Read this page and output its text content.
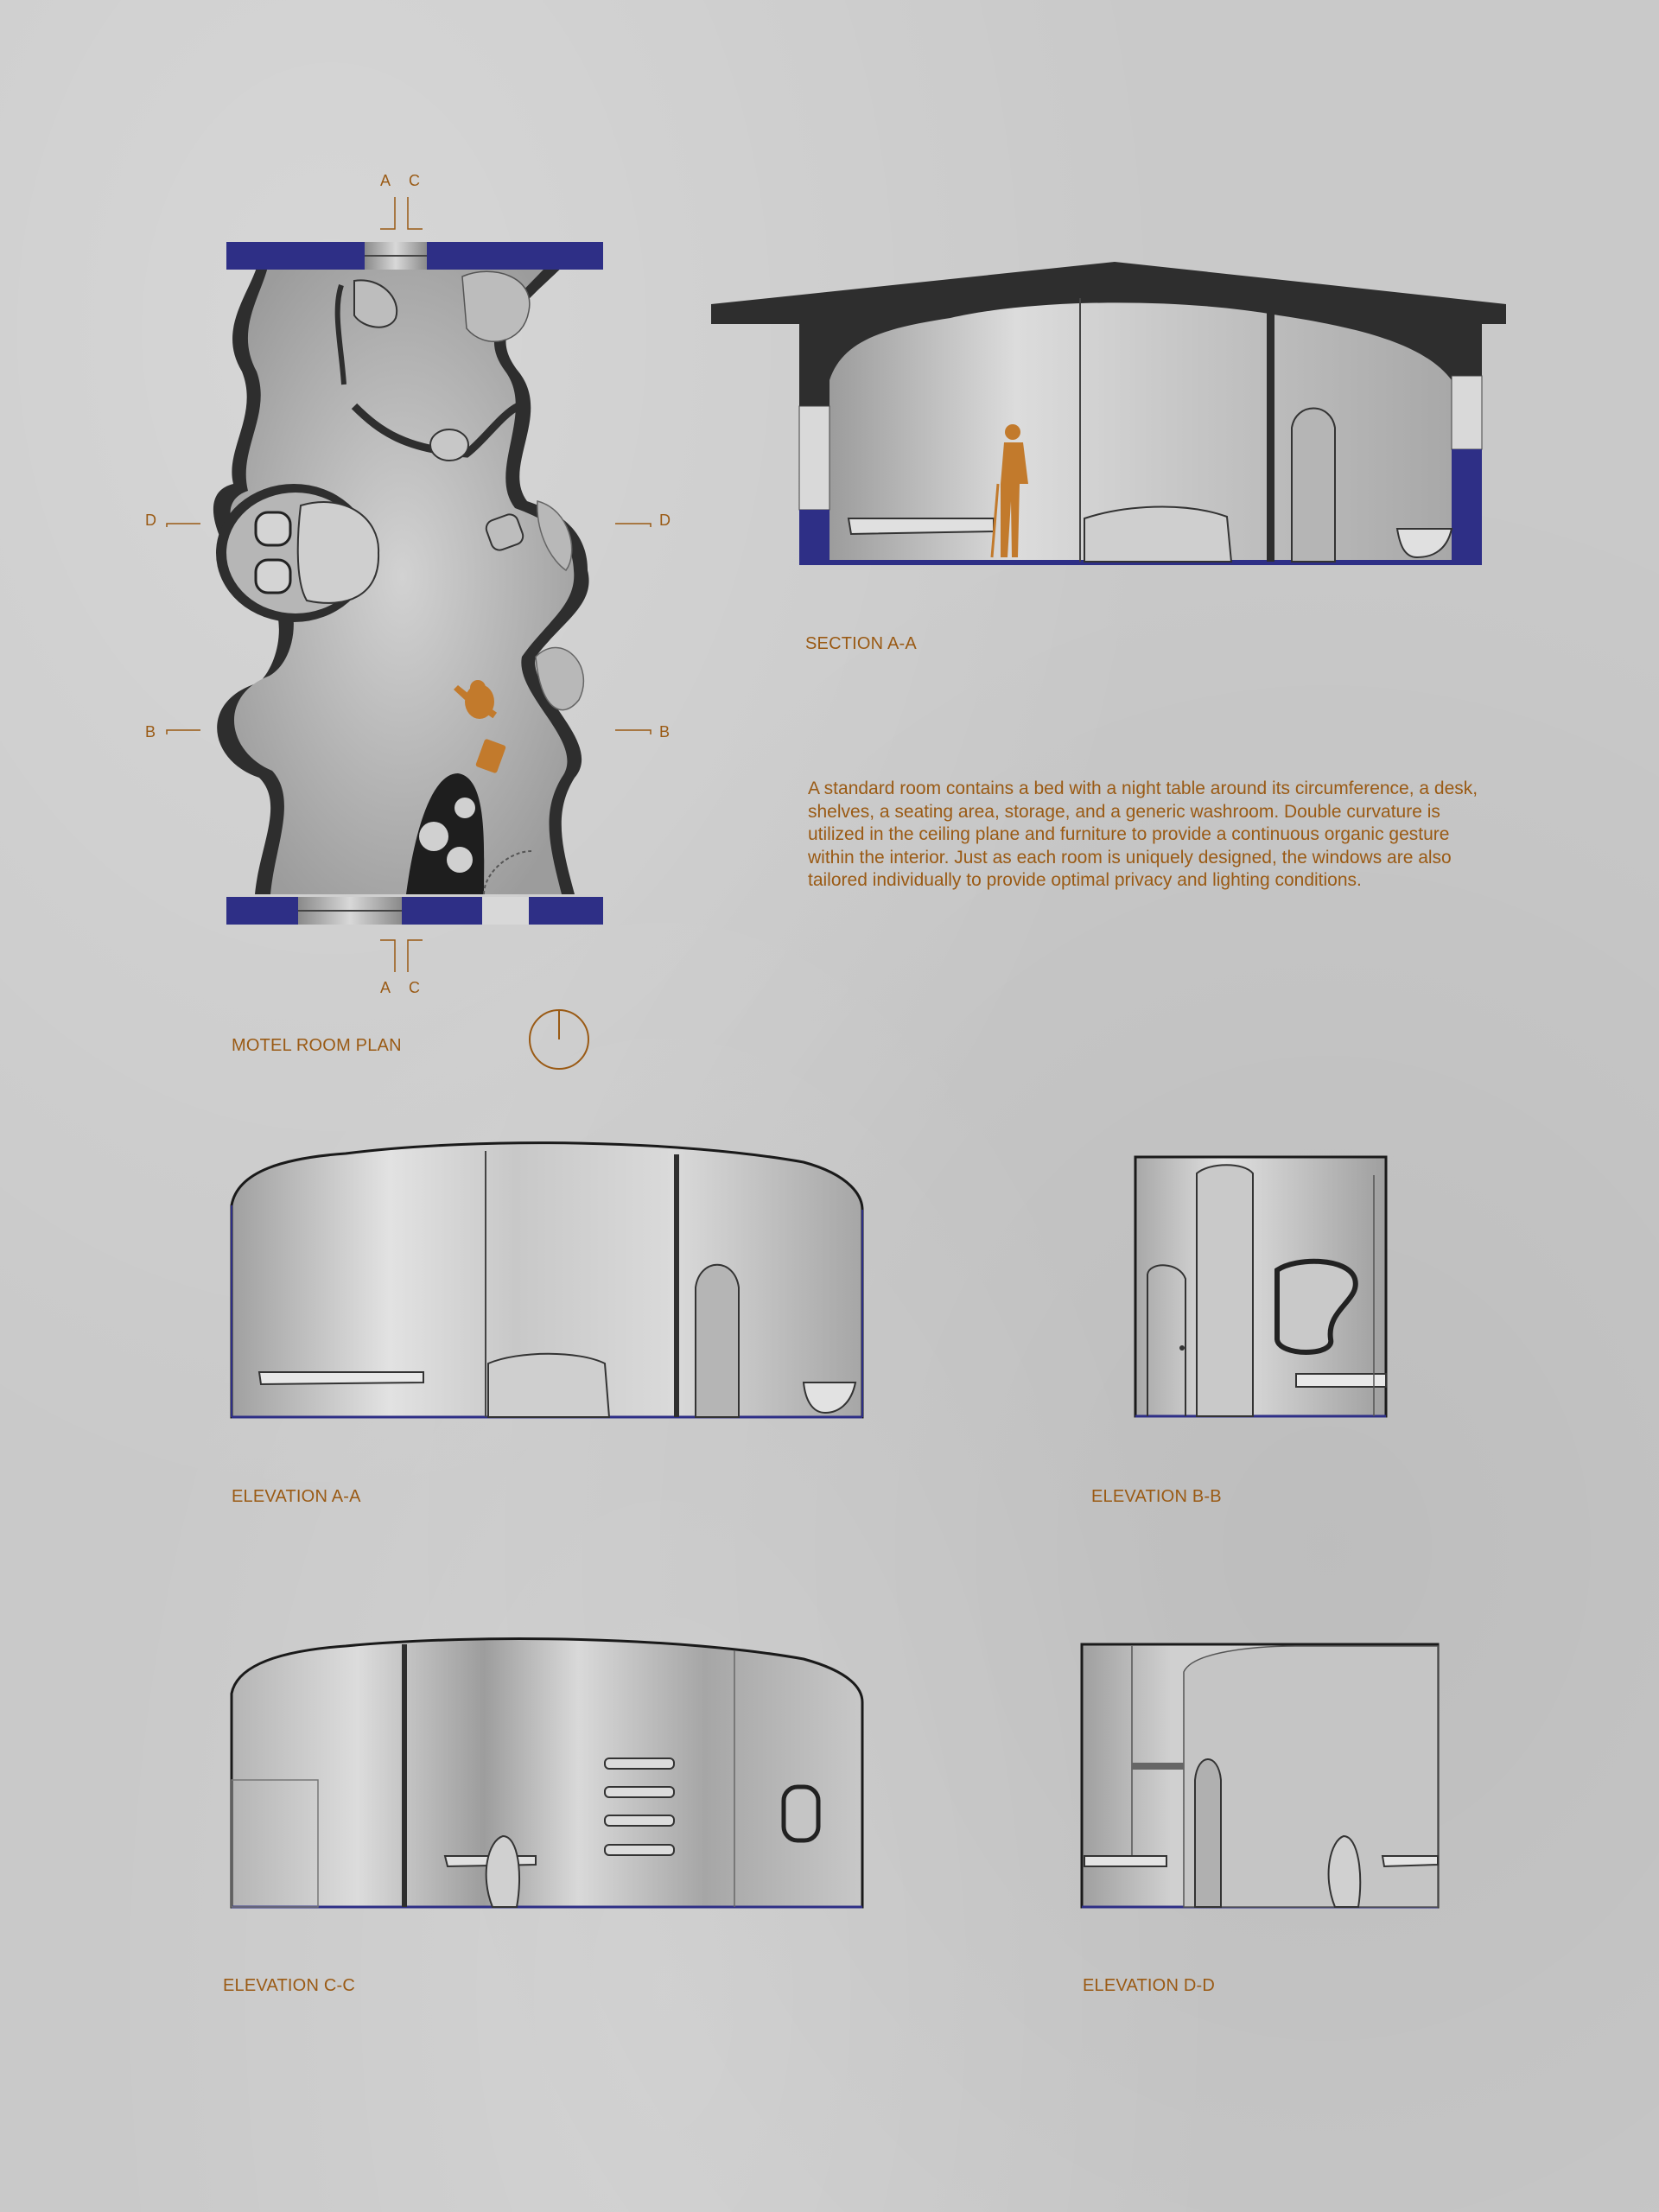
A C
A C
D	D
B	B

MOTEL ROOM PLAN

SECTION A-A

A standard room contains a bed with a night table around its circumference, a desk, shelves, a seating area, storage, and a generic washroom. Double curvature is utilized in the ceiling plane and furniture to provide a continuous organic gesture within the interior. Just as each room is uniquely designed, the windows are also tailored individually to provide optimal privacy and lighting conditions.

ELEVATION A-A	ELEVATION B-B

ELEVATION C-C	ELEVATION D-D
